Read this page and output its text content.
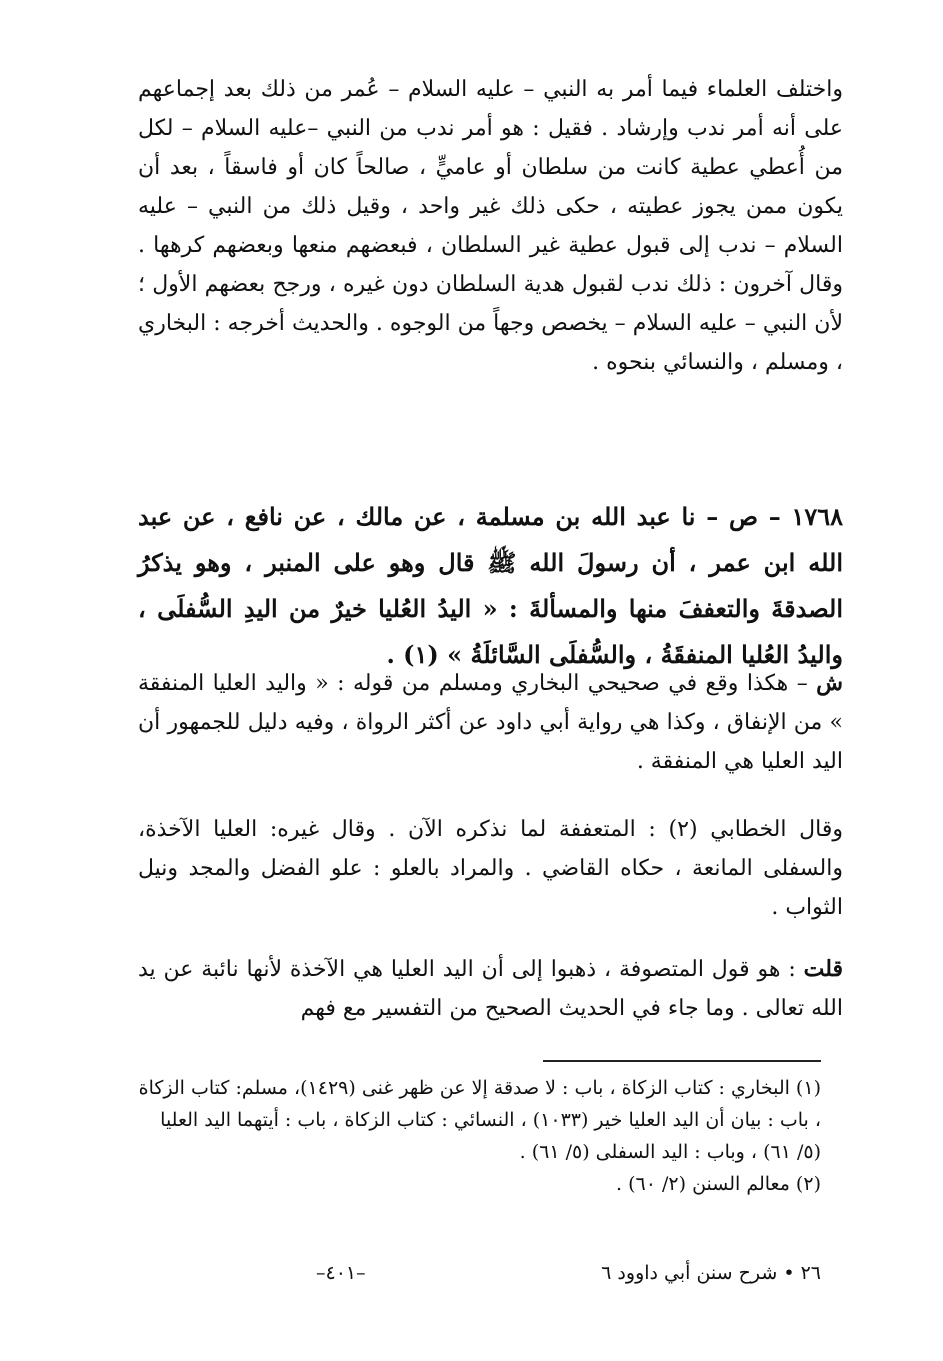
واختلف العلماء فيما أمر به النبي – عليه السلام – عُمر من ذلك بعد إجماعهم على أنه أمر ندب وإرشاد . فقيل : هو أمر ندب من النبي –عليه السلام – لكل من أُعطي عطية كانت من سلطان أو عاميٍّ ، صالحاً كان أو فاسقاً ، بعد أن يكون ممن يجوز عطيته ، حكى ذلك غير واحد ، وقيل ذلك من النبي – عليه السلام – ندب إلى قبول عطية غير السلطان ، فبعضهم منعها وبعضهم كرهها . وقال آخرون : ذلك ندب لقبول هدية السلطان دون غيره ، ورجح بعضهم الأول ؛ لأن النبي – عليه السلام – يخصص وجهاً من الوجوه . والحديث أخرجه : البخاري ، ومسلم ، والنسائي بنحوه .

١٧٦٨ – ص – نا عبد الله بن مسلمة ، عن مالك ، عن نافع ، عن عبد الله ابن عمر ، أن رسولَ الله ﷺ قال وهو على المنبر ، وهو يذكرُ الصدقةَ والتعففَ منها والمسألةَ : « اليدُ العُليا خيرٌ من اليدِ السُّفلَى ، واليدُ العُليا المنفقَةُ ، والسُّفلَى السَّائلَةُ » (١) .

ش – هكذا وقع في صحيحي البخاري ومسلم من قوله : « واليد العليا المنفقة » من الإنفاق ، وكذا هي رواية أبي داود عن أكثر الرواة ، وفيه دليل للجمهور أن اليد العليا هي المنفقة .

وقال الخطابي (٢) : المتعففة لما نذكره الآن . وقال غيره: العليا الآخذة، والسفلى المانعة ، حكاه القاضي . والمراد بالعلو : علو الفضل والمجد ونيل الثواب .

قلت : هو قول المتصوفة ، ذهبوا إلى أن اليد العليا هي الآخذة لأنها نائبة عن يد الله تعالى . وما جاء في الحديث الصحيح من التفسير مع فهم

(١) البخاري : كتاب الزكاة ، باب : لا صدقة إلا عن ظهر غنى (١٤٢٩)، مسلم: كتاب الزكاة ، باب : بيان أن اليد العليا خير (١٠٣٣) ، النسائي : كتاب الزكاة ، باب : أيتهما اليد العليا (٥/ ٦١) ، وباب : اليد السفلى (٥/ ٦١) .

(٢) معالم السنن (٢/ ٦٠) .

٢٦ • شرح سنن أبي داوود ٦
–٤٠١–
